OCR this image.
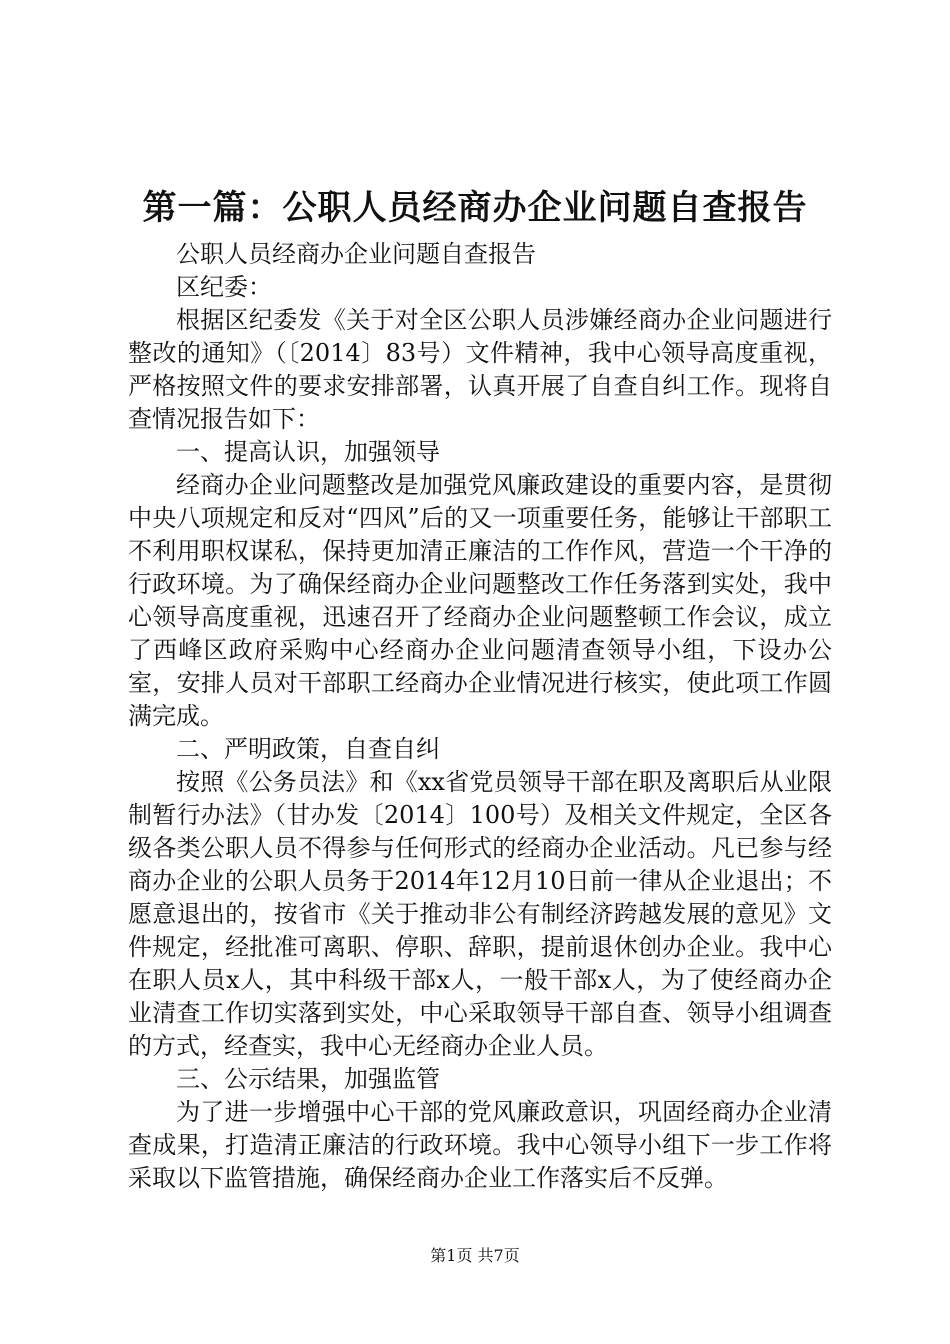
第一篇：公职人员经商办企业问题自查报告

公职人员经商办企业问题自查报告

区纪委：

根据区纪委发《关于对全区公职人员涉嫌经商办企业问题进行整改的通知》（〔2014〕83号）文件精神，我中心领导高度重视，严格按照文件的要求安排部署，认真开展了自查自纠工作。现将自查情况报告如下：

一、提高认识，加强领导

经商办企业问题整改是加强党风廉政建设的重要内容，是贯彻中央八项规定和反对“四风”后的又一项重要任务，能够让干部职工不利用职权谋私，保持更加清正廉洁的工作作风，营造一个干净的行政环境。为了确保经商办企业问题整改工作任务落到实处，我中心领导高度重视，迅速召开了经商办企业问题整顿工作会议，成立了西峰区政府采购中心经商办企业问题清查领导小组，下设办公室，安排人员对干部职工经商办企业情况进行核实，使此项工作圆满完成。

二、严明政策，自查自纠

按照《公务员法》和《xx省党员领导干部在职及离职后从业限制暂行办法》（甘办发〔2014〕100号）及相关文件规定，全区各级各类公职人员不得参与任何形式的经商办企业活动。凡已参与经商办企业的公职人员务于2014年12月10日前一律从企业退出；不愿意退出的，按省市《关于推动非公有制经济跨越发展的意见》文件规定，经批准可离职、停职、辞职，提前退休创办企业。我中心在职人员x人，其中科级干部x人，一般干部x人，为了使经商办企业清查工作切实落到实处，中心采取领导干部自查、领导小组调查的方式，经查实，我中心无经商办企业人员。

三、公示结果，加强监管

为了进一步增强中心干部的党风廉政意识，巩固经商办企业清查成果，打造清正廉洁的行政环境。我中心领导小组下一步工作将采取以下监管措施，确保经商办企业工作落实后不反弹。

第1页 共7页
